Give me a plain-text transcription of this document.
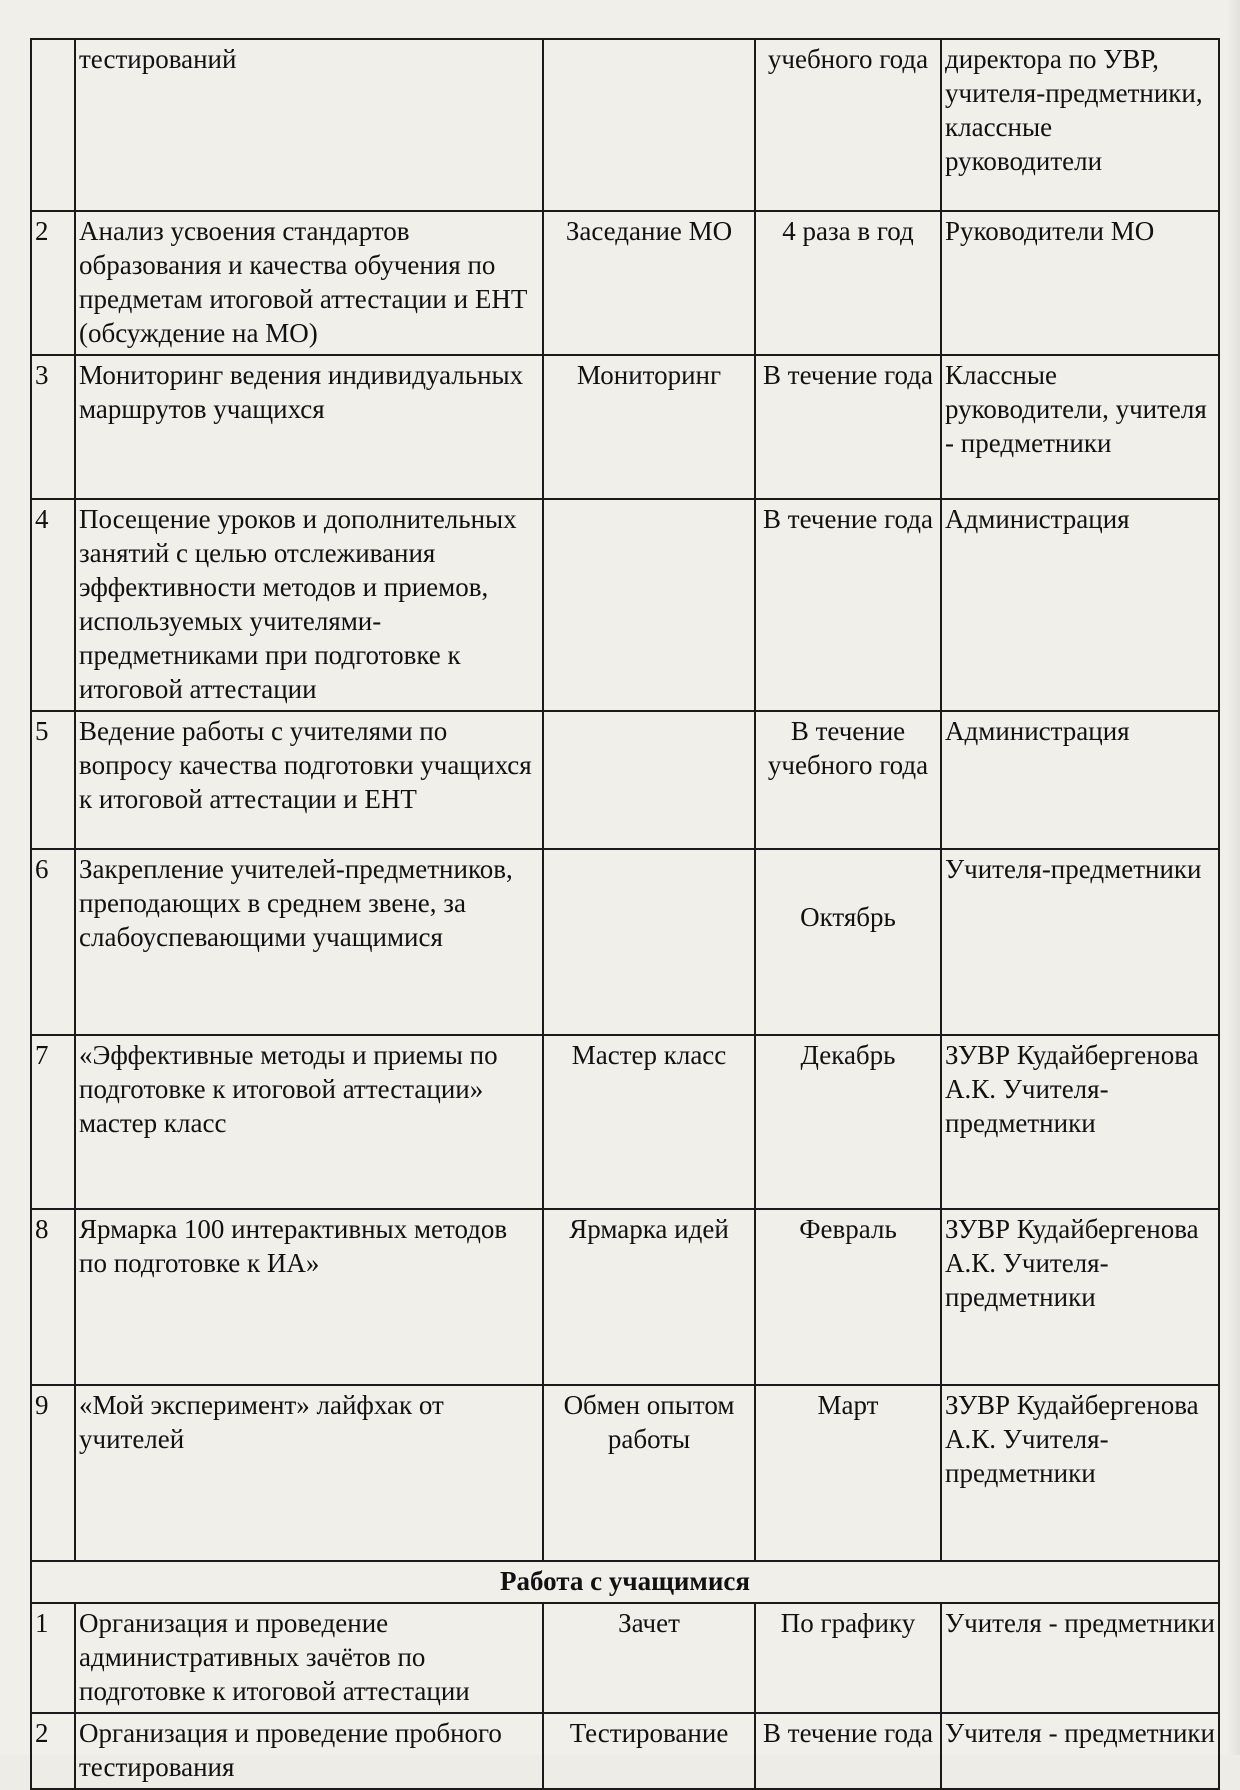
	тестирований		учебного года	директора по УВР, учителя-предметники, классные руководители
2	Анализ усвоения стандартов образования и качества обучения по предметам итоговой аттестации и ЕНТ (обсуждение на МО)	Заседание МО	4 раза в год	Руководители МО
3	Мониторинг ведения индивидуальных маршрутов учащихся	Мониторинг	В течение года	Классные руководители, учителя - предметники
4	Посещение уроков и дополнительных занятий с целью отслеживания эффективности методов и приемов, используемых учителями-предметниками при подготовке к итоговой аттестации		В течение года	Администрация
5	Ведение работы с учителями по вопросу качества подготовки учащихся к итоговой аттестации и ЕНТ		В течение учебного года	Администрация
6	Закрепление учителей-предметников, преподающих в среднем звене, за слабоуспевающими учащимися		Октябрь	Учителя-предметники
7	«Эффективные методы и приемы по подготовке к итоговой аттестации» мастер класс	Мастер класс	Декабрь	ЗУВР Кудайбергенова А.К. Учителя-предметники
8	Ярмарка 100 интерактивных методов по подготовке к ИА»	Ярмарка идей	Февраль	ЗУВР Кудайбергенова А.К. Учителя-предметники
9	«Мой эксперимент» лайфхак от учителей	Обмен опытом работы	Март	ЗУВР Кудайбергенова А.К. Учителя-предметники
Работа с учащимися				
1	Организация и проведение административных зачётов по подготовке к итоговой аттестации	Зачет	По графику	Учителя - предметники
2	Организация и проведение пробного тестирования	Тестирование	В течение года	Учителя - предметники
